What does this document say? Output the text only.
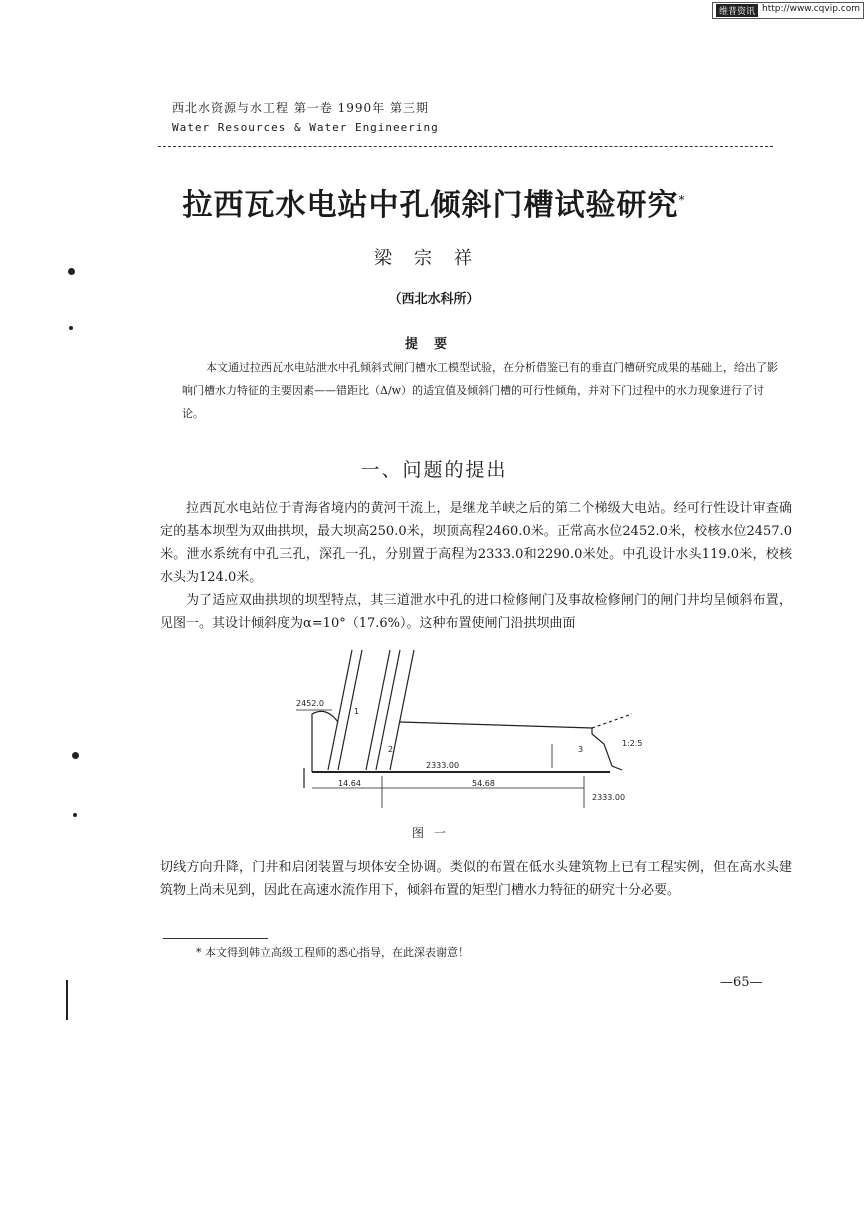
维普资讯 http://www.cqvip.com
西北水资源与水工程 第一卷 1990年 第三期
Water Resources & Water Engineering
拉西瓦水电站中孔倾斜门槽试验研究*
梁宗祥
（西北水科所）
提要

本文通过拉西瓦水电站泄水中孔倾斜式闸门槽水工模型试验，在分析借鉴已有的垂直门槽研究成果的基础上，给出了影响门槽水力特征的主要因素——错距比（Δ/w）的适宜值及倾斜门槽的可行性倾角，并对下门过程中的水力现象进行了讨论。

一、问题的提出

拉西瓦水电站位于青海省境内的黄河干流上，是继龙羊峡之后的第二个梯级大电站。经可行性设计审查确定的基本坝型为双曲拱坝，最大坝高250.0米，坝顶高程2460.0米。正常高水位2452.0米，校核水位2457.0米。泄水系统有中孔三孔，深孔一孔，分别置于高程为2333.0和2290.0米处。中孔设计水头119.0米，校核水头为124.0米。

为了适应双曲拱坝的坝型特点，其三道泄水中孔的进口检修闸门及事故检修闸门的闸门井均呈倾斜布置，见图一。其设计倾斜度为α=10°（17.6%）。这种布置使闸门沿拱坝曲面

2452.0
1
2	3
14.64	54.68
2333.00
1:2.5
2333.00
图一

切线方向升降，门井和启闭装置与坝体安全协调。类似的布置在低水头建筑物上已有工程实例，但在高水头建筑物上尚未见到，因此在高速水流作用下，倾斜布置的矩型门槽水力特征的研究十分必要。

* 本文得到韩立高级工程师的悉心指导，在此深表谢意！
—65—
